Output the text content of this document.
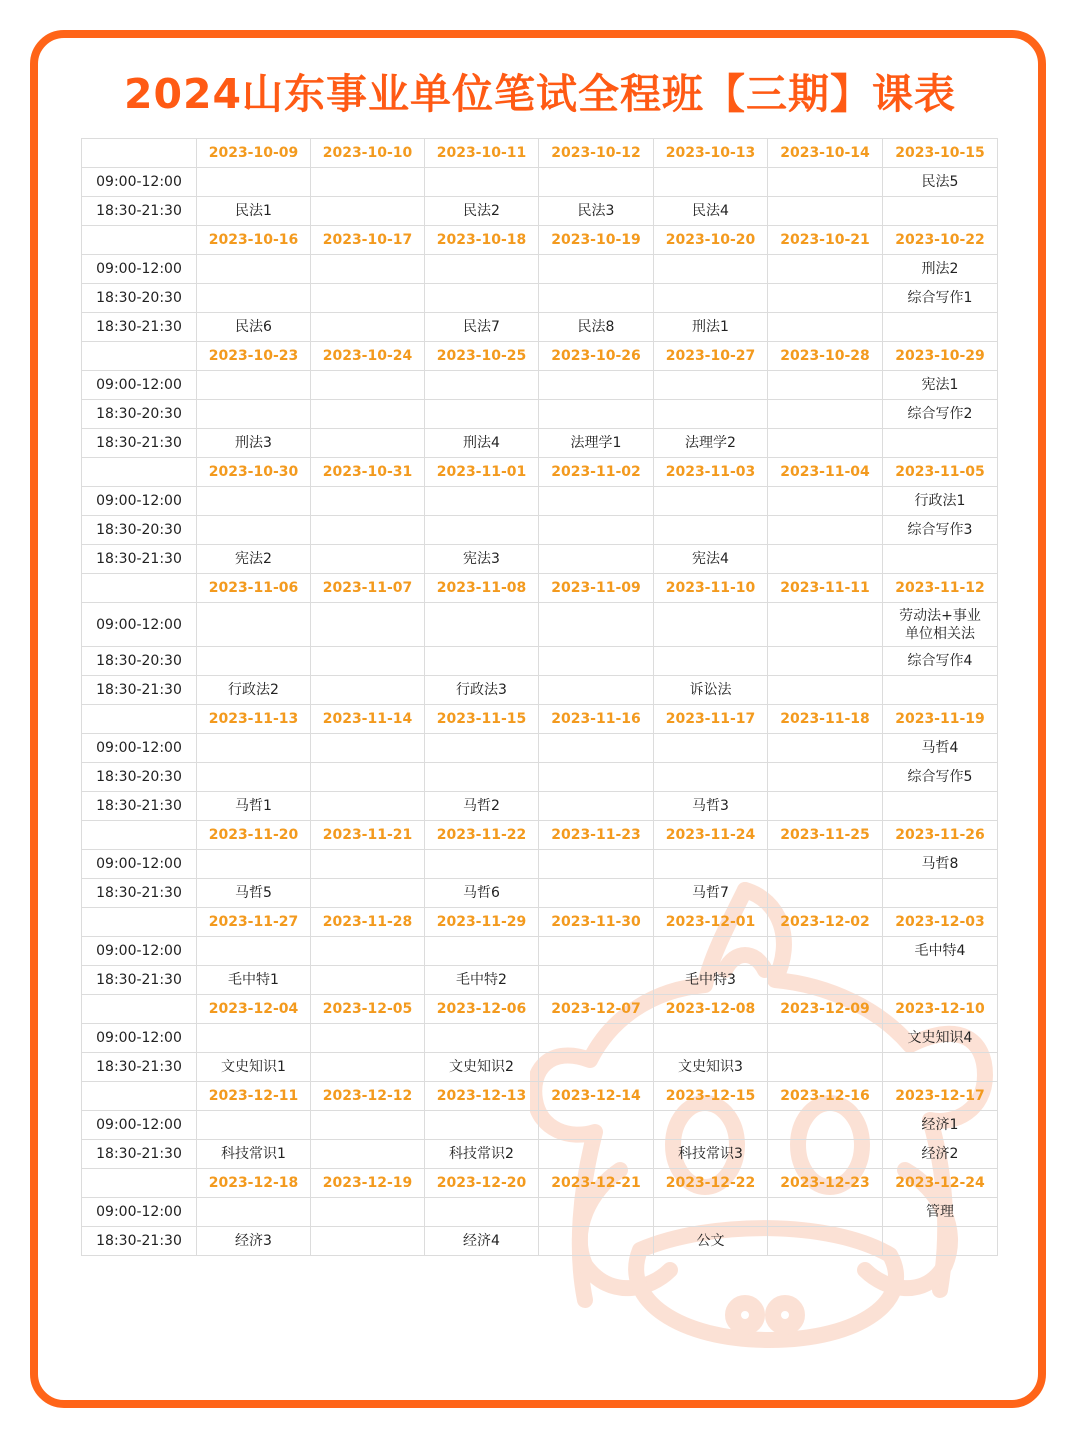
2024山东事业单位笔试全程班【三期】课表
	2023-10-09	2023-10-10	2023-10-11	2023-10-12	2023-10-13	2023-10-14	2023-10-15
09:00-12:00							民法5
18:30-21:30	民法1		民法2	民法3	民法4		
	2023-10-16	2023-10-17	2023-10-18	2023-10-19	2023-10-20	2023-10-21	2023-10-22
09:00-12:00							刑法2
18:30-20:30							综合写作1
18:30-21:30	民法6		民法7	民法8	刑法1		
	2023-10-23	2023-10-24	2023-10-25	2023-10-26	2023-10-27	2023-10-28	2023-10-29
09:00-12:00							宪法1
18:30-20:30							综合写作2
18:30-21:30	刑法3		刑法4	法理学1	法理学2		
	2023-10-30	2023-10-31	2023-11-01	2023-11-02	2023-11-03	2023-11-04	2023-11-05
09:00-12:00							行政法1
18:30-20:30							综合写作3
18:30-21:30	宪法2		宪法3		宪法4		
	2023-11-06	2023-11-07	2023-11-08	2023-11-09	2023-11-10	2023-11-11	2023-11-12
09:00-12:00							劳动法+事业单位相关法
18:30-20:30							综合写作4
18:30-21:30	行政法2		行政法3		诉讼法		
	2023-11-13	2023-11-14	2023-11-15	2023-11-16	2023-11-17	2023-11-18	2023-11-19
09:00-12:00							马哲4
18:30-20:30							综合写作5
18:30-21:30	马哲1		马哲2		马哲3		
	2023-11-20	2023-11-21	2023-11-22	2023-11-23	2023-11-24	2023-11-25	2023-11-26
09:00-12:00							马哲8
18:30-21:30	马哲5		马哲6		马哲7		
	2023-11-27	2023-11-28	2023-11-29	2023-11-30	2023-12-01	2023-12-02	2023-12-03
09:00-12:00							毛中特4
18:30-21:30	毛中特1		毛中特2		毛中特3		
	2023-12-04	2023-12-05	2023-12-06	2023-12-07	2023-12-08	2023-12-09	2023-12-10
09:00-12:00							文史知识4
18:30-21:30	文史知识1		文史知识2		文史知识3		
	2023-12-11	2023-12-12	2023-12-13	2023-12-14	2023-12-15	2023-12-16	2023-12-17
09:00-12:00							经济1
18:30-21:30	科技常识1		科技常识2		科技常识3		经济2
	2023-12-18	2023-12-19	2023-12-20	2023-12-21	2023-12-22	2023-12-23	2023-12-24
09:00-12:00							管理
18:30-21:30	经济3		经济4		公文		
